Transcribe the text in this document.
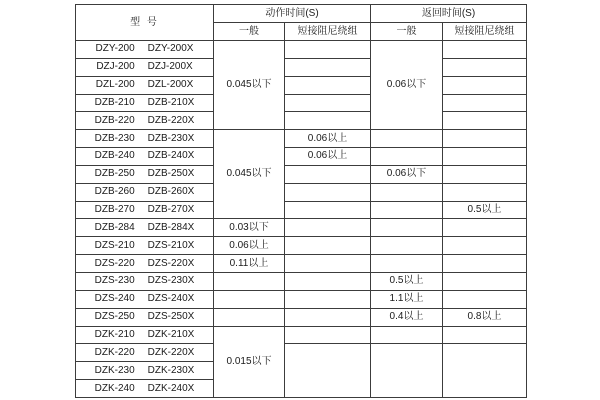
型 号	动作时间(S)		返回时间(S)	
	一般	短接阻尼绕组	一般	短接阻尼绕组
DZY-200 DZY-200X	0.045以下		0.06以下	
DZJ-200 DZJ-200X				
DZL-200 DZL-200X				
DZB-210 DZB-210X				
DZB-220 DZB-220X				
DZB-230 DZB-230X	0.045以下	0.06以上		
DZB-240 DZB-240X		0.06以上		
DZB-250 DZB-250X			0.06以下	
DZB-260 DZB-260X				
DZB-270 DZB-270X				0.5以上
DZB-284 DZB-284X	0.03以下			
DZS-210 DZS-210X	0.06以上			
DZS-220 DZS-220X	0.11以上			
DZS-230 DZS-230X			0.5以上	
DZS-240 DZS-240X			1.1以上	
DZS-250 DZS-250X			0.4以上	0.8以上
DZK-210 DZK-210X	0.015以下			
DZK-220 DZK-220X				
DZK-230 DZK-230X				
DZK-240 DZK-240X				
